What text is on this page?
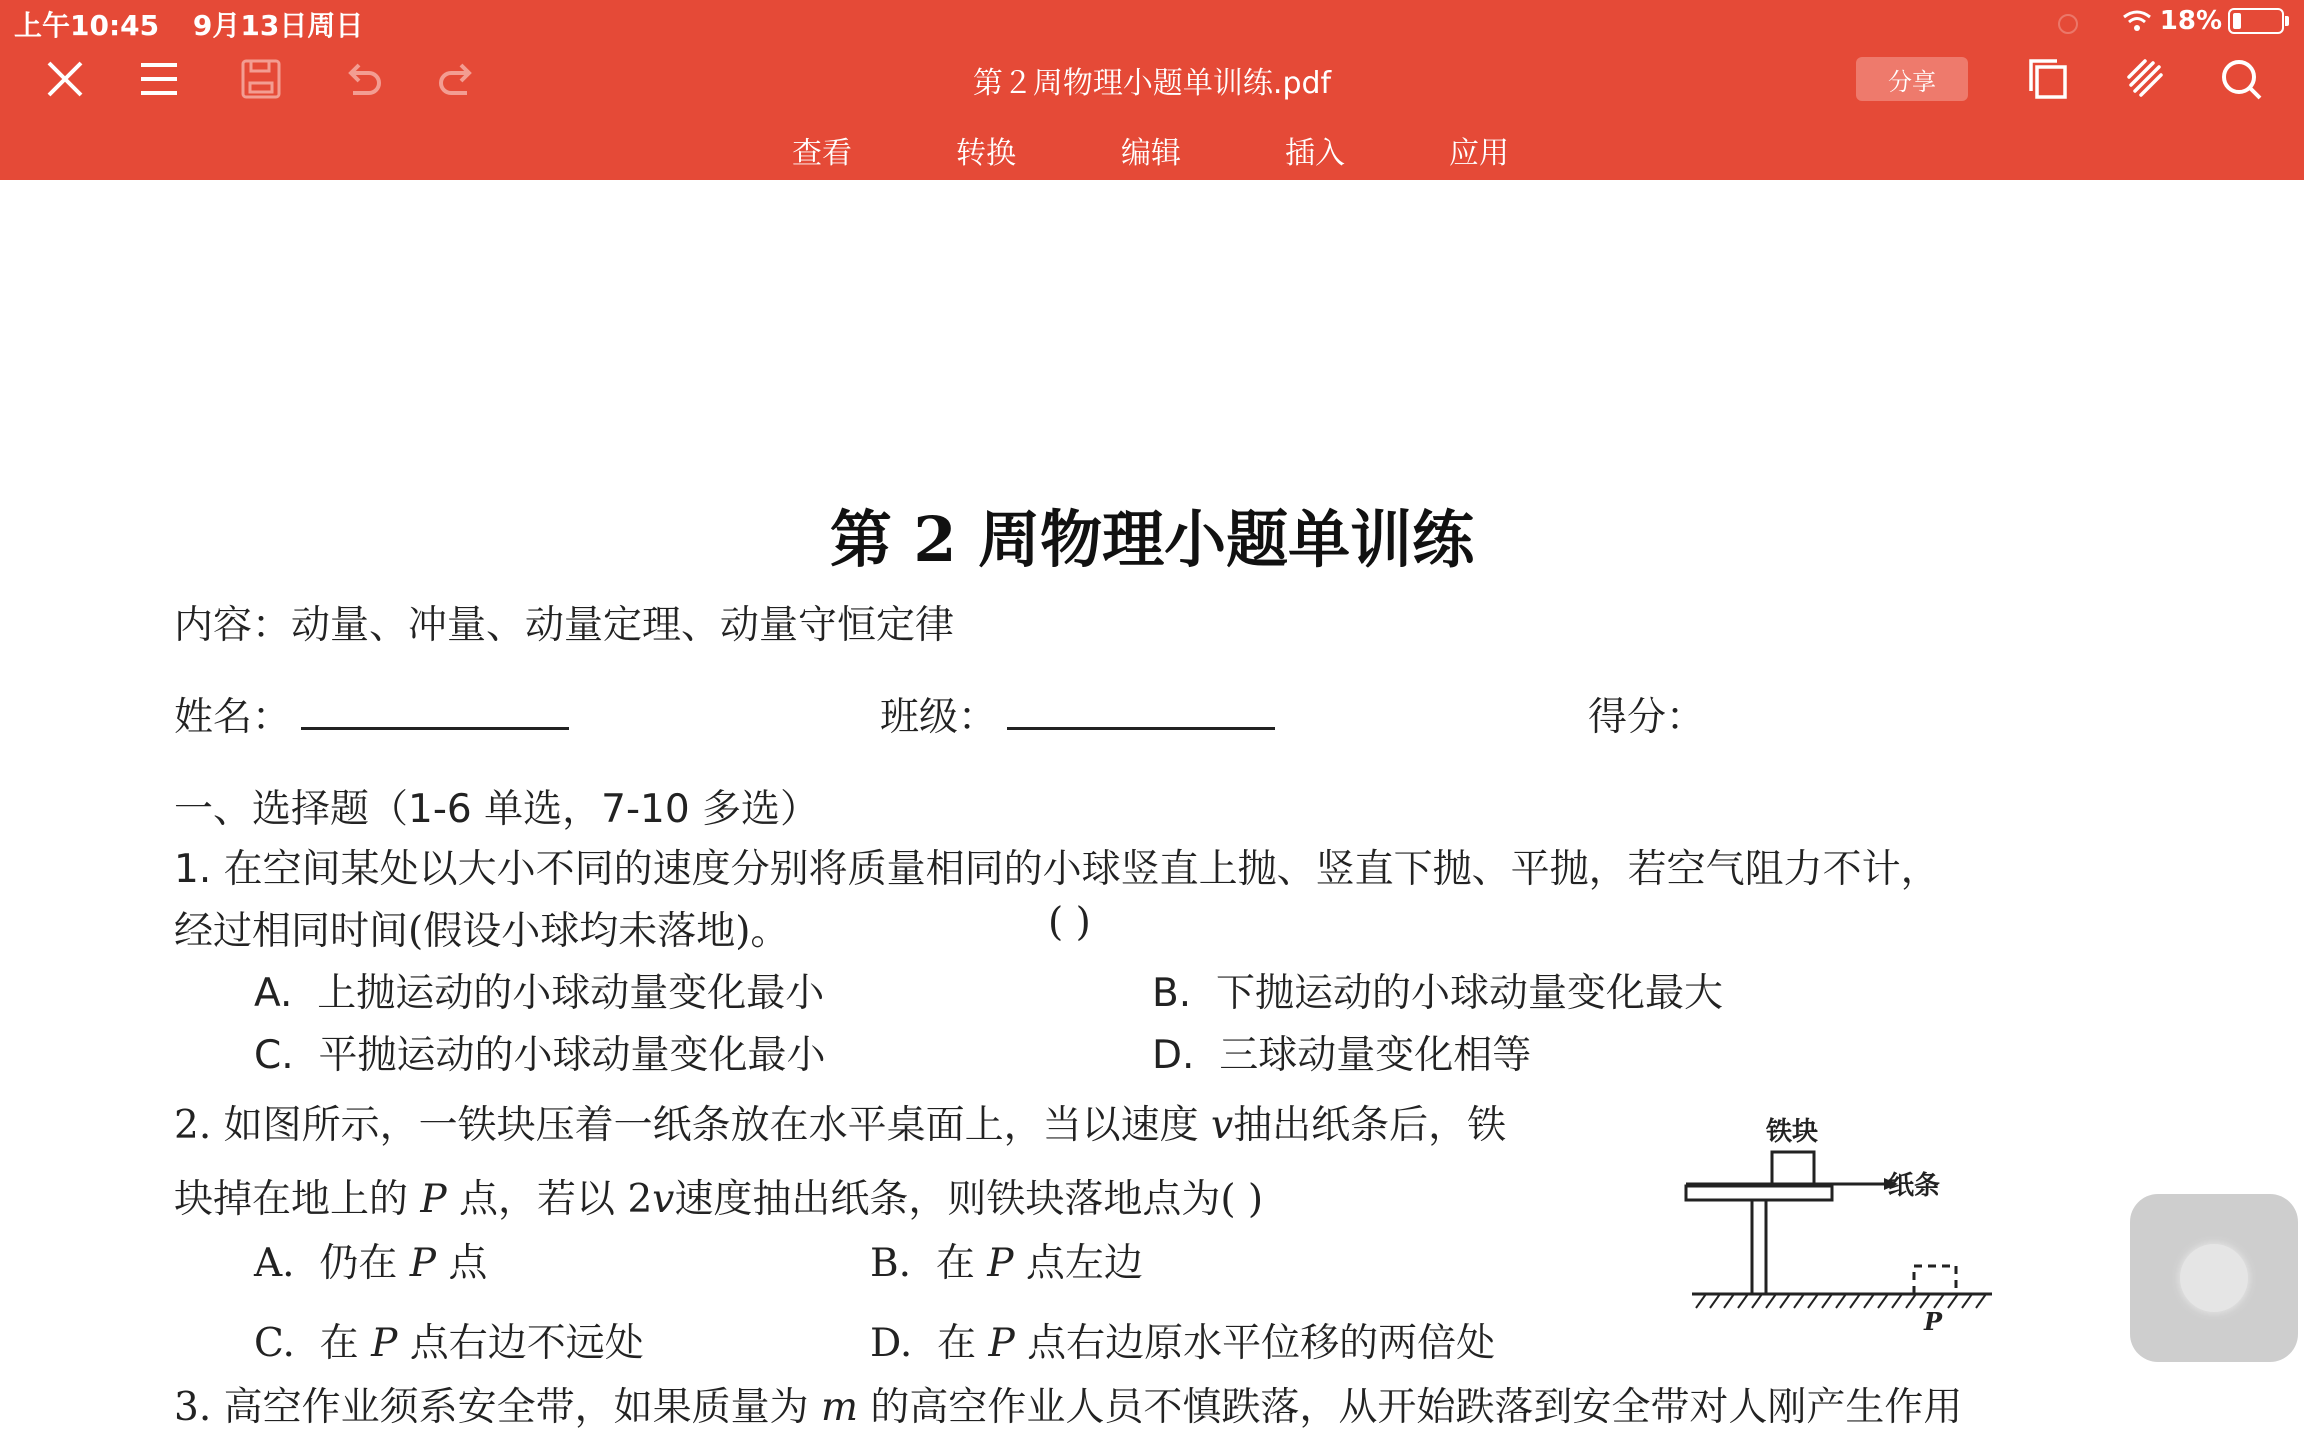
上午10:45 9月13日周日	18%
第２周物理小题单训练.pdf	分享
查看	转换	编辑	插入	应用
第 2 周物理小题单训练
内容：动量、冲量、动量定理、动量守恒定律
姓名：	班级：	得分：
一、选择题（1-6 单选，7-10 多选）
1. 在空间某处以大小不同的速度分别将质量相同的小球竖直上抛、竖直下抛、平抛，若空气阻力不计，
经过相同时间(假设小球均未落地)。	( )
A. 上抛运动的小球动量变化最小	B. 下抛运动的小球动量变化最大
C. 平抛运动的小球动量变化最小	D. 三球动量变化相等
2. 如图所示，一铁块压着一纸条放在水平桌面上，当以速度 v抽出纸条后，铁
块掉在地上的 P 点，若以 2v速度抽出纸条，则铁块落地点为( )
A. 仍在 P 点	B. 在 P 点左边
C. 在 P 点右边不远处	D. 在 P 点右边原水平位移的两倍处
铁块
纸条
P
3. 高空作业须系安全带，如果质量为 m 的高空作业人员不慎跌落，从开始跌落到安全带对人刚产生作用
